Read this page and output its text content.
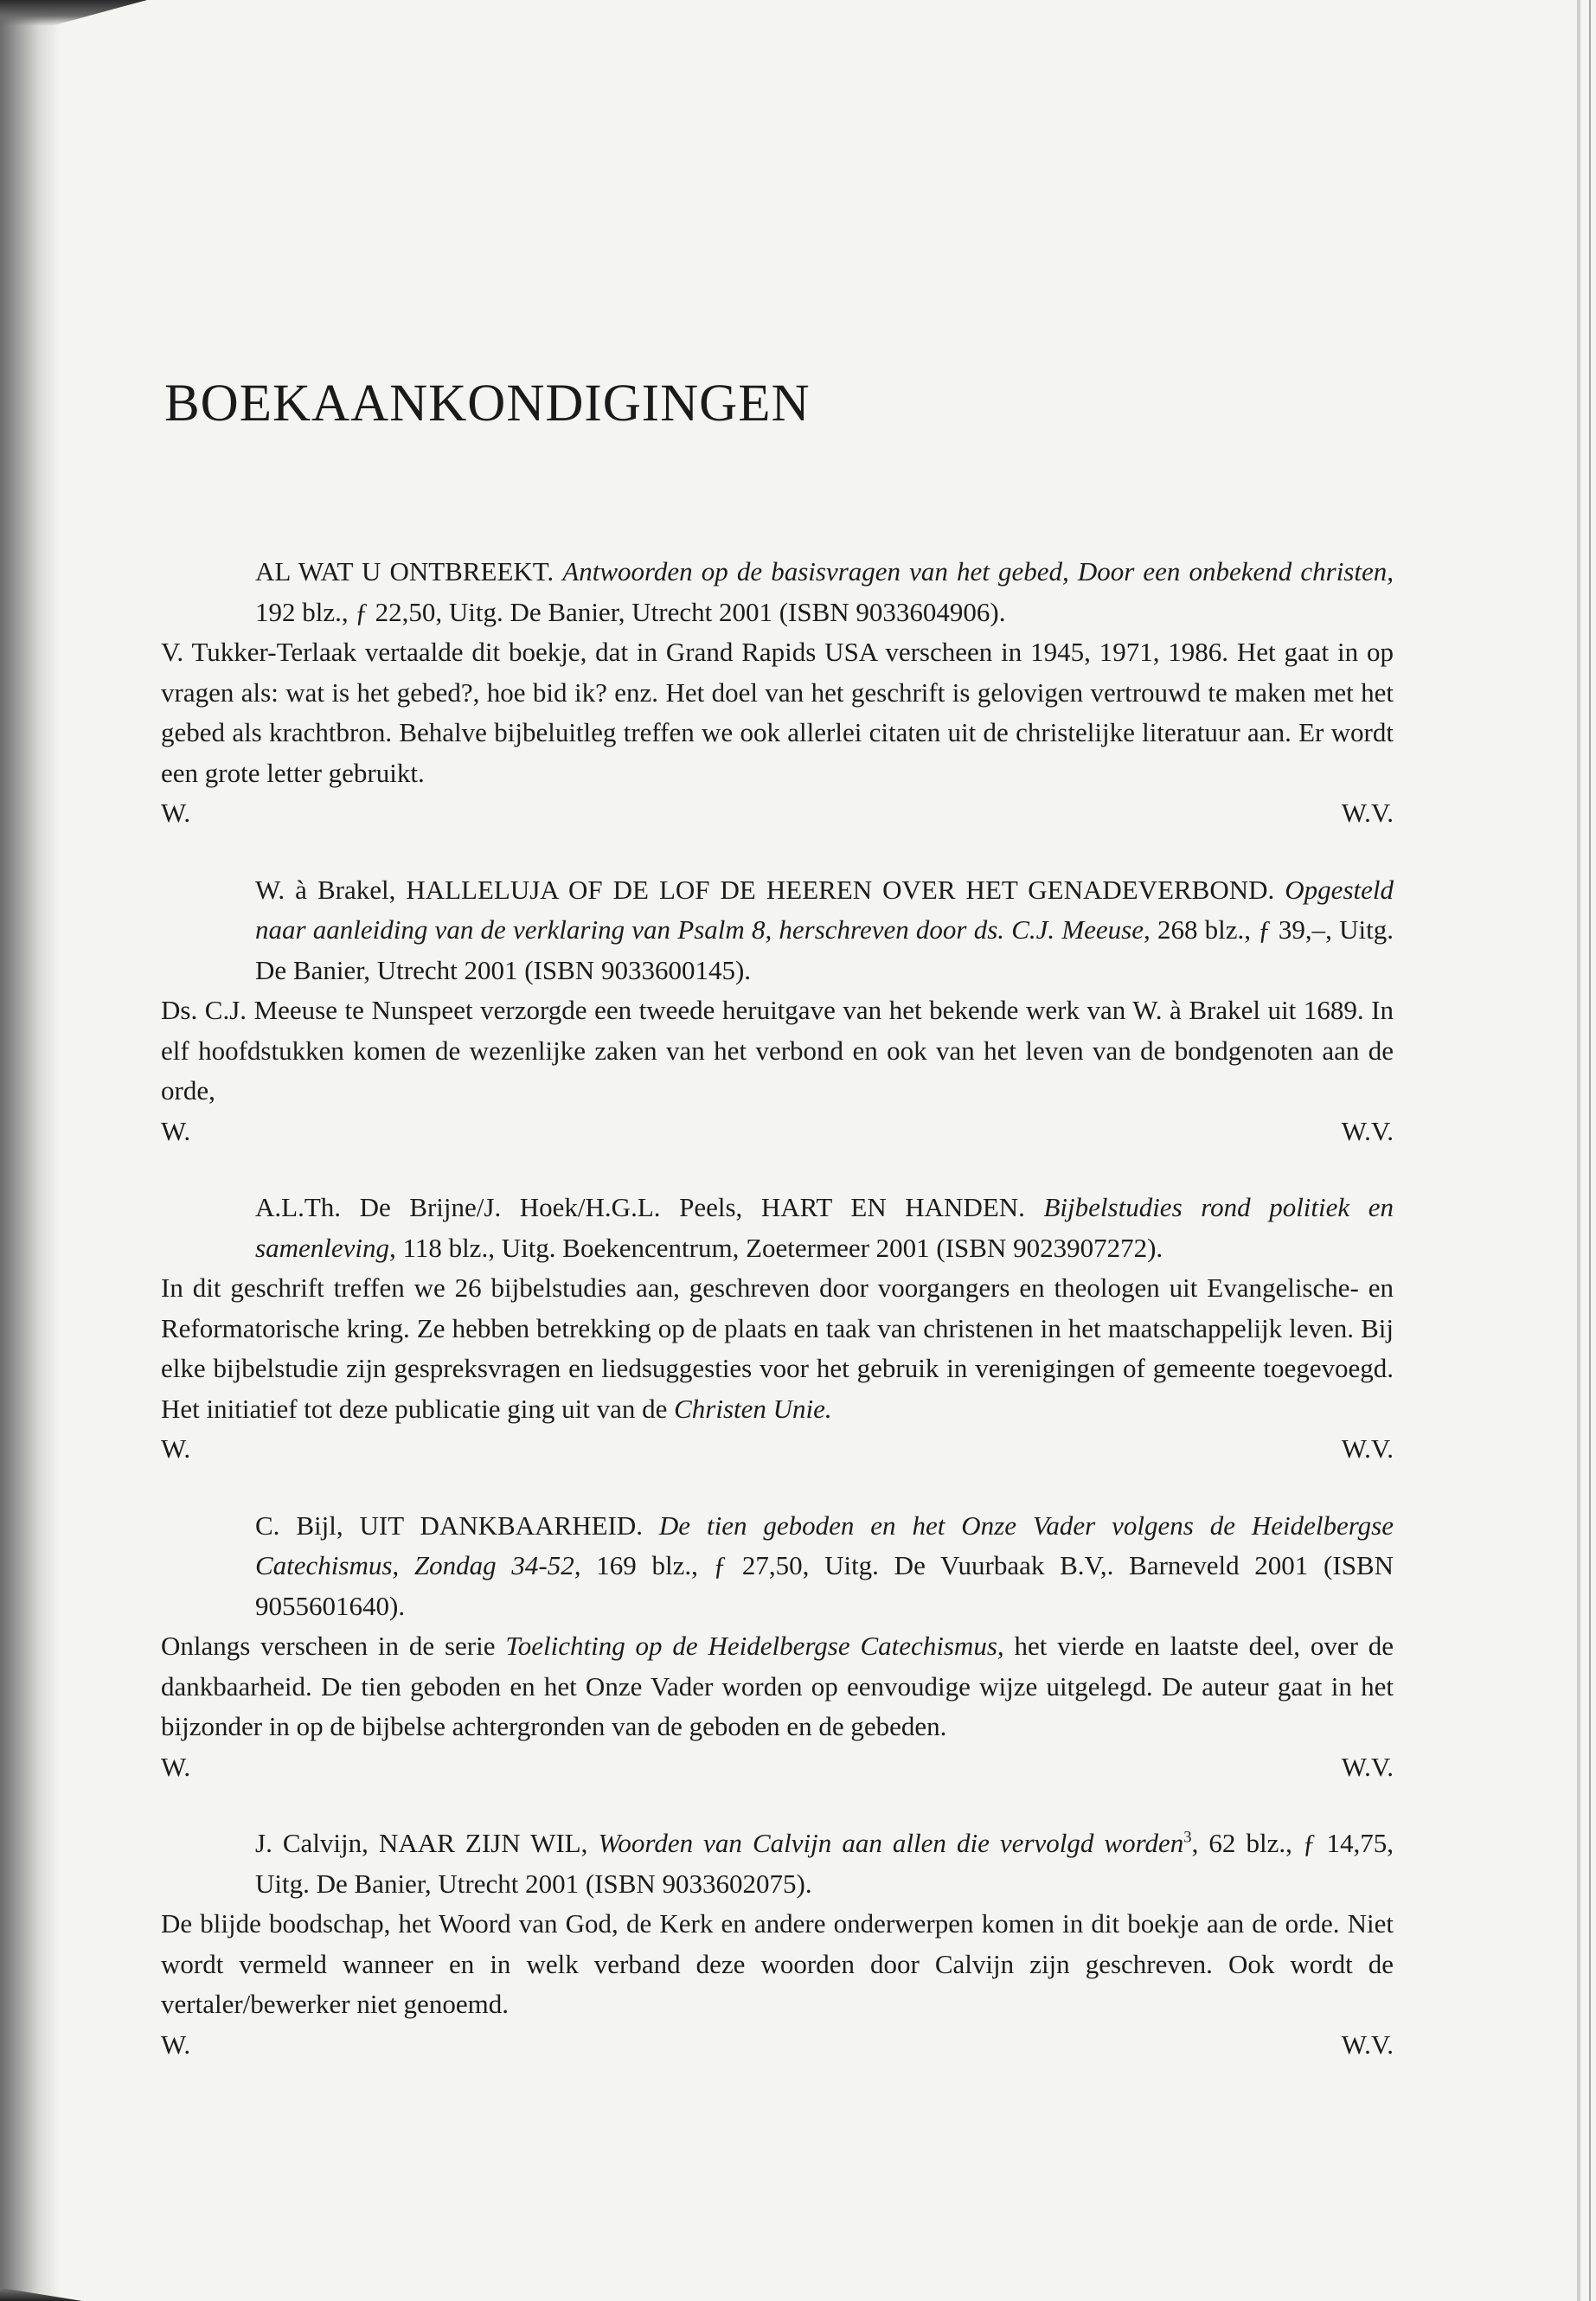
BOEKAANKONDIGINGEN
AL WAT U ONTBREEKT. Antwoorden op de basisvragen van het gebed, Door een onbekend christen, 192 blz., ƒ 22,50, Uitg. De Banier, Utrecht 2001 (ISBN 9033604906).
V. Tukker-Terlaak vertaalde dit boekje, dat in Grand Rapids USA verscheen in 1945, 1971, 1986. Het gaat in op vragen als: wat is het gebed?, hoe bid ik? enz. Het doel van het geschrift is gelovigen vertrouwd te maken met het gebed als krachtbron. Behalve bijbeluitleg treffen we ook allerlei citaten uit de christelijke literatuur aan. Er wordt een grote letter gebruikt.
W.	W.V.
W. à Brakel, HALLELUJA OF DE LOF DE HEEREN OVER HET GENADEVERBOND. Opgesteld naar aanleiding van de verklaring van Psalm 8, herschreven door ds. C.J. Meeuse, 268 blz., ƒ 39,–, Uitg. De Banier, Utrecht 2001 (ISBN 9033600145).
Ds. C.J. Meeuse te Nunspeet verzorgde een tweede heruitgave van het bekende werk van W. à Brakel uit 1689. In elf hoofdstukken komen de wezenlijke zaken van het verbond en ook van het leven van de bondgenoten aan de orde,
W.	W.V.
A.L.Th. De Brijne/J. Hoek/H.G.L. Peels, HART EN HANDEN. Bijbelstudies rond politiek en samenleving, 118 blz., Uitg. Boekencentrum, Zoetermeer 2001 (ISBN 9023907272).
In dit geschrift treffen we 26 bijbelstudies aan, geschreven door voorgangers en theologen uit Evangelische- en Reformatorische kring. Ze hebben betrekking op de plaats en taak van christenen in het maatschappelijk leven. Bij elke bijbelstudie zijn gespreksvragen en liedsuggesties voor het gebruik in verenigingen of gemeente toegevoegd. Het initiatief tot deze publicatie ging uit van de Christen Unie.
W.	W.V.
C. Bijl, UIT DANKBAARHEID. De tien geboden en het Onze Vader volgens de Heidelbergse Catechismus, Zondag 34-52, 169 blz., ƒ 27,50, Uitg. De Vuurbaak B.V,. Barneveld 2001 (ISBN 9055601640).
Onlangs verscheen in de serie Toelichting op de Heidelbergse Catechismus, het vierde en laatste deel, over de dankbaarheid. De tien geboden en het Onze Vader worden op eenvoudige wijze uitgelegd. De auteur gaat in het bijzonder in op de bijbelse achtergronden van de geboden en de gebeden.
W.	W.V.
J. Calvijn, NAAR ZIJN WIL, Woorden van Calvijn aan allen die vervolgd worden$^3$, 62 blz., ƒ 14,75, Uitg. De Banier, Utrecht 2001 (ISBN 9033602075).
De blijde boodschap, het Woord van God, de Kerk en andere onderwerpen komen in dit boekje aan de orde. Niet wordt vermeld wanneer en in welk verband deze woorden door Calvijn zijn geschreven. Ook wordt de vertaler/bewerker niet genoemd.
W.	W.V.
